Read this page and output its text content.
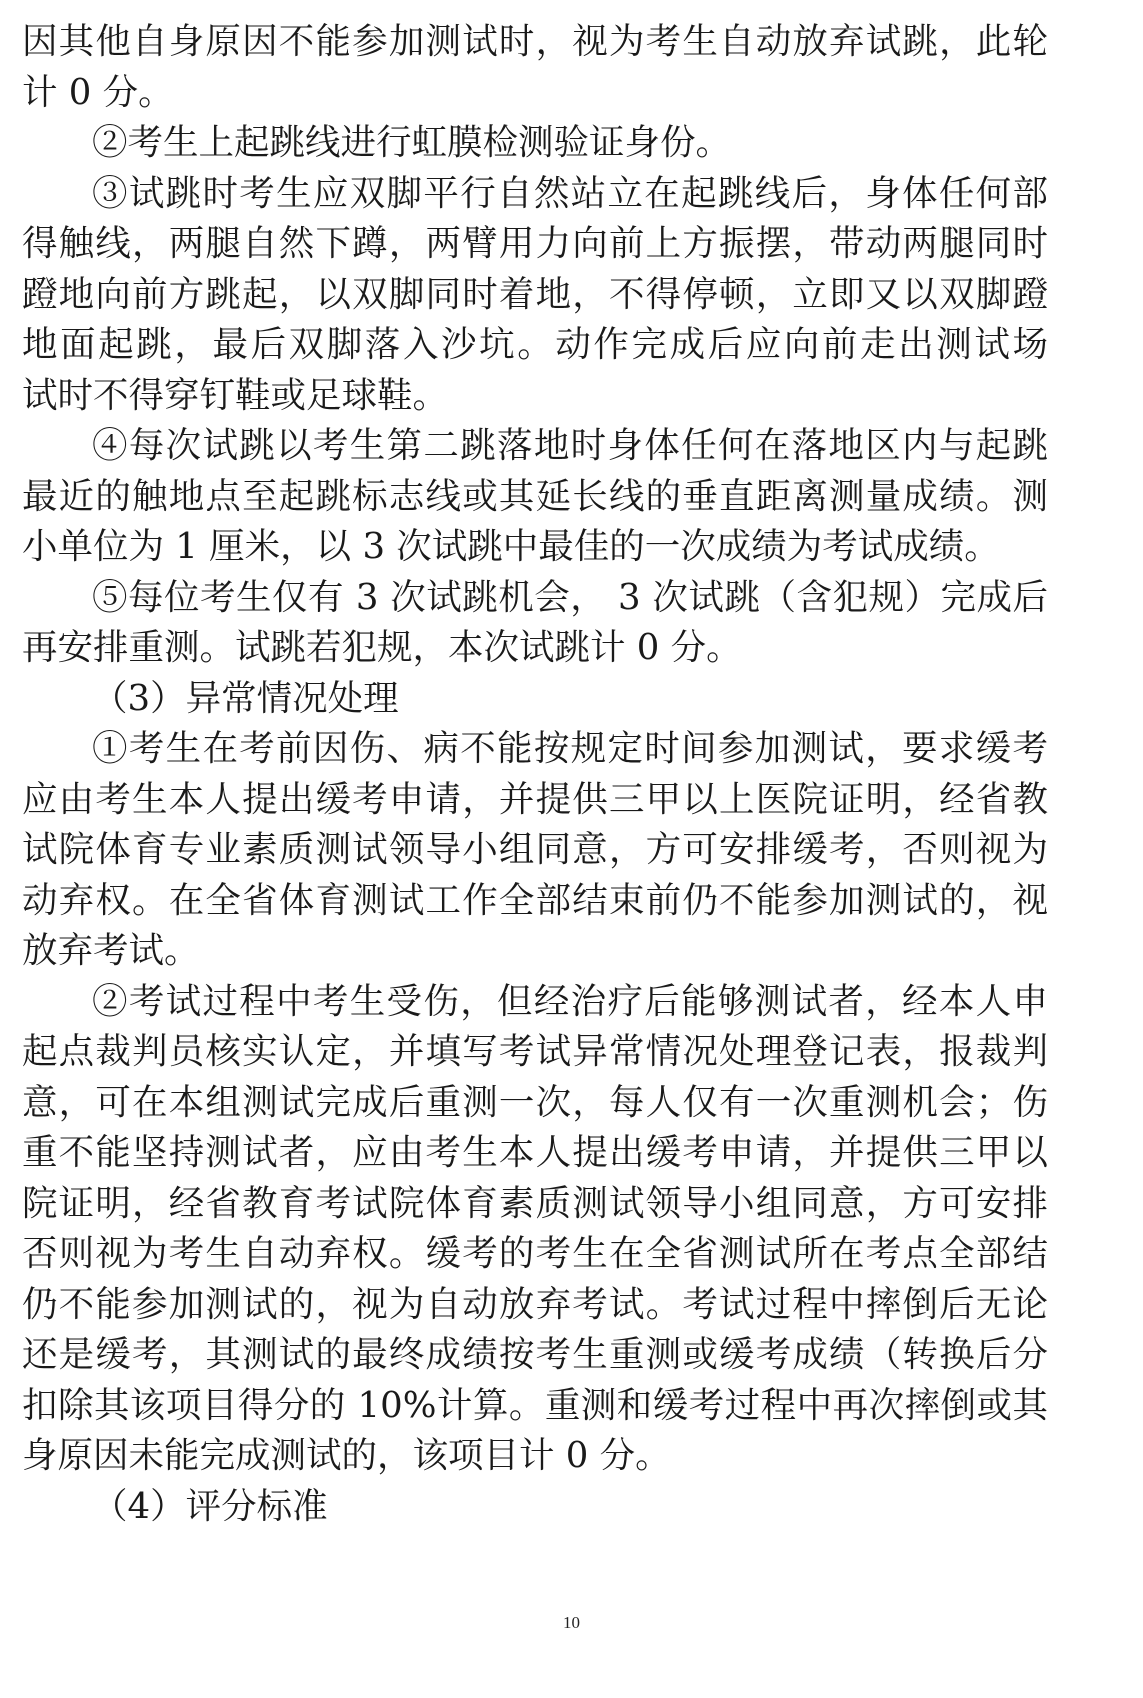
因其他自身原因不能参加测试时，视为考生自动放弃试跳，此轮
计 0 分。
②考生上起跳线进行虹膜检测验证身份。
③试跳时考生应双脚平行自然站立在起跳线后，身体任何部
得触线，两腿自然下蹲，两臂用力向前上方振摆，带动两腿同时
蹬地向前方跳起，以双脚同时着地，不得停顿，立即又以双脚蹬
地面起跳，最后双脚落入沙坑。动作完成后应向前走出测试场
试时不得穿钉鞋或足球鞋。
④每次试跳以考生第二跳落地时身体任何在落地区内与起跳
最近的触地点至起跳标志线或其延长线的垂直距离测量成绩。测
小单位为 1 厘米，以 3 次试跳中最佳的一次成绩为考试成绩。
⑤每位考生仅有 3 次试跳机会， 3 次试跳（含犯规）完成后
再安排重测。试跳若犯规，本次试跳计 0 分。
（3）异常情况处理
①考生在考前因伤、病不能按规定时间参加测试，要求缓考
应由考生本人提出缓考申请，并提供三甲以上医院证明，经省教
试院体育专业素质测试领导小组同意，方可安排缓考，否则视为
动弃权。在全省体育测试工作全部结束前仍不能参加测试的，视
放弃考试。
②考试过程中考生受伤，但经治疗后能够测试者，经本人申
起点裁判员核实认定，并填写考试异常情况处理登记表，报裁判
意，可在本组测试完成后重测一次，每人仅有一次重测机会；伤
重不能坚持测试者，应由考生本人提出缓考申请，并提供三甲以
院证明，经省教育考试院体育素质测试领导小组同意，方可安排
否则视为考生自动弃权。缓考的考生在全省测试所在考点全部结
仍不能参加测试的，视为自动放弃考试。考试过程中摔倒后无论
还是缓考，其测试的最终成绩按考生重测或缓考成绩（转换后分
扣除其该项目得分的 10%计算。重测和缓考过程中再次摔倒或其
身原因未能完成测试的，该项目计 0 分。
（4）评分标准
10
